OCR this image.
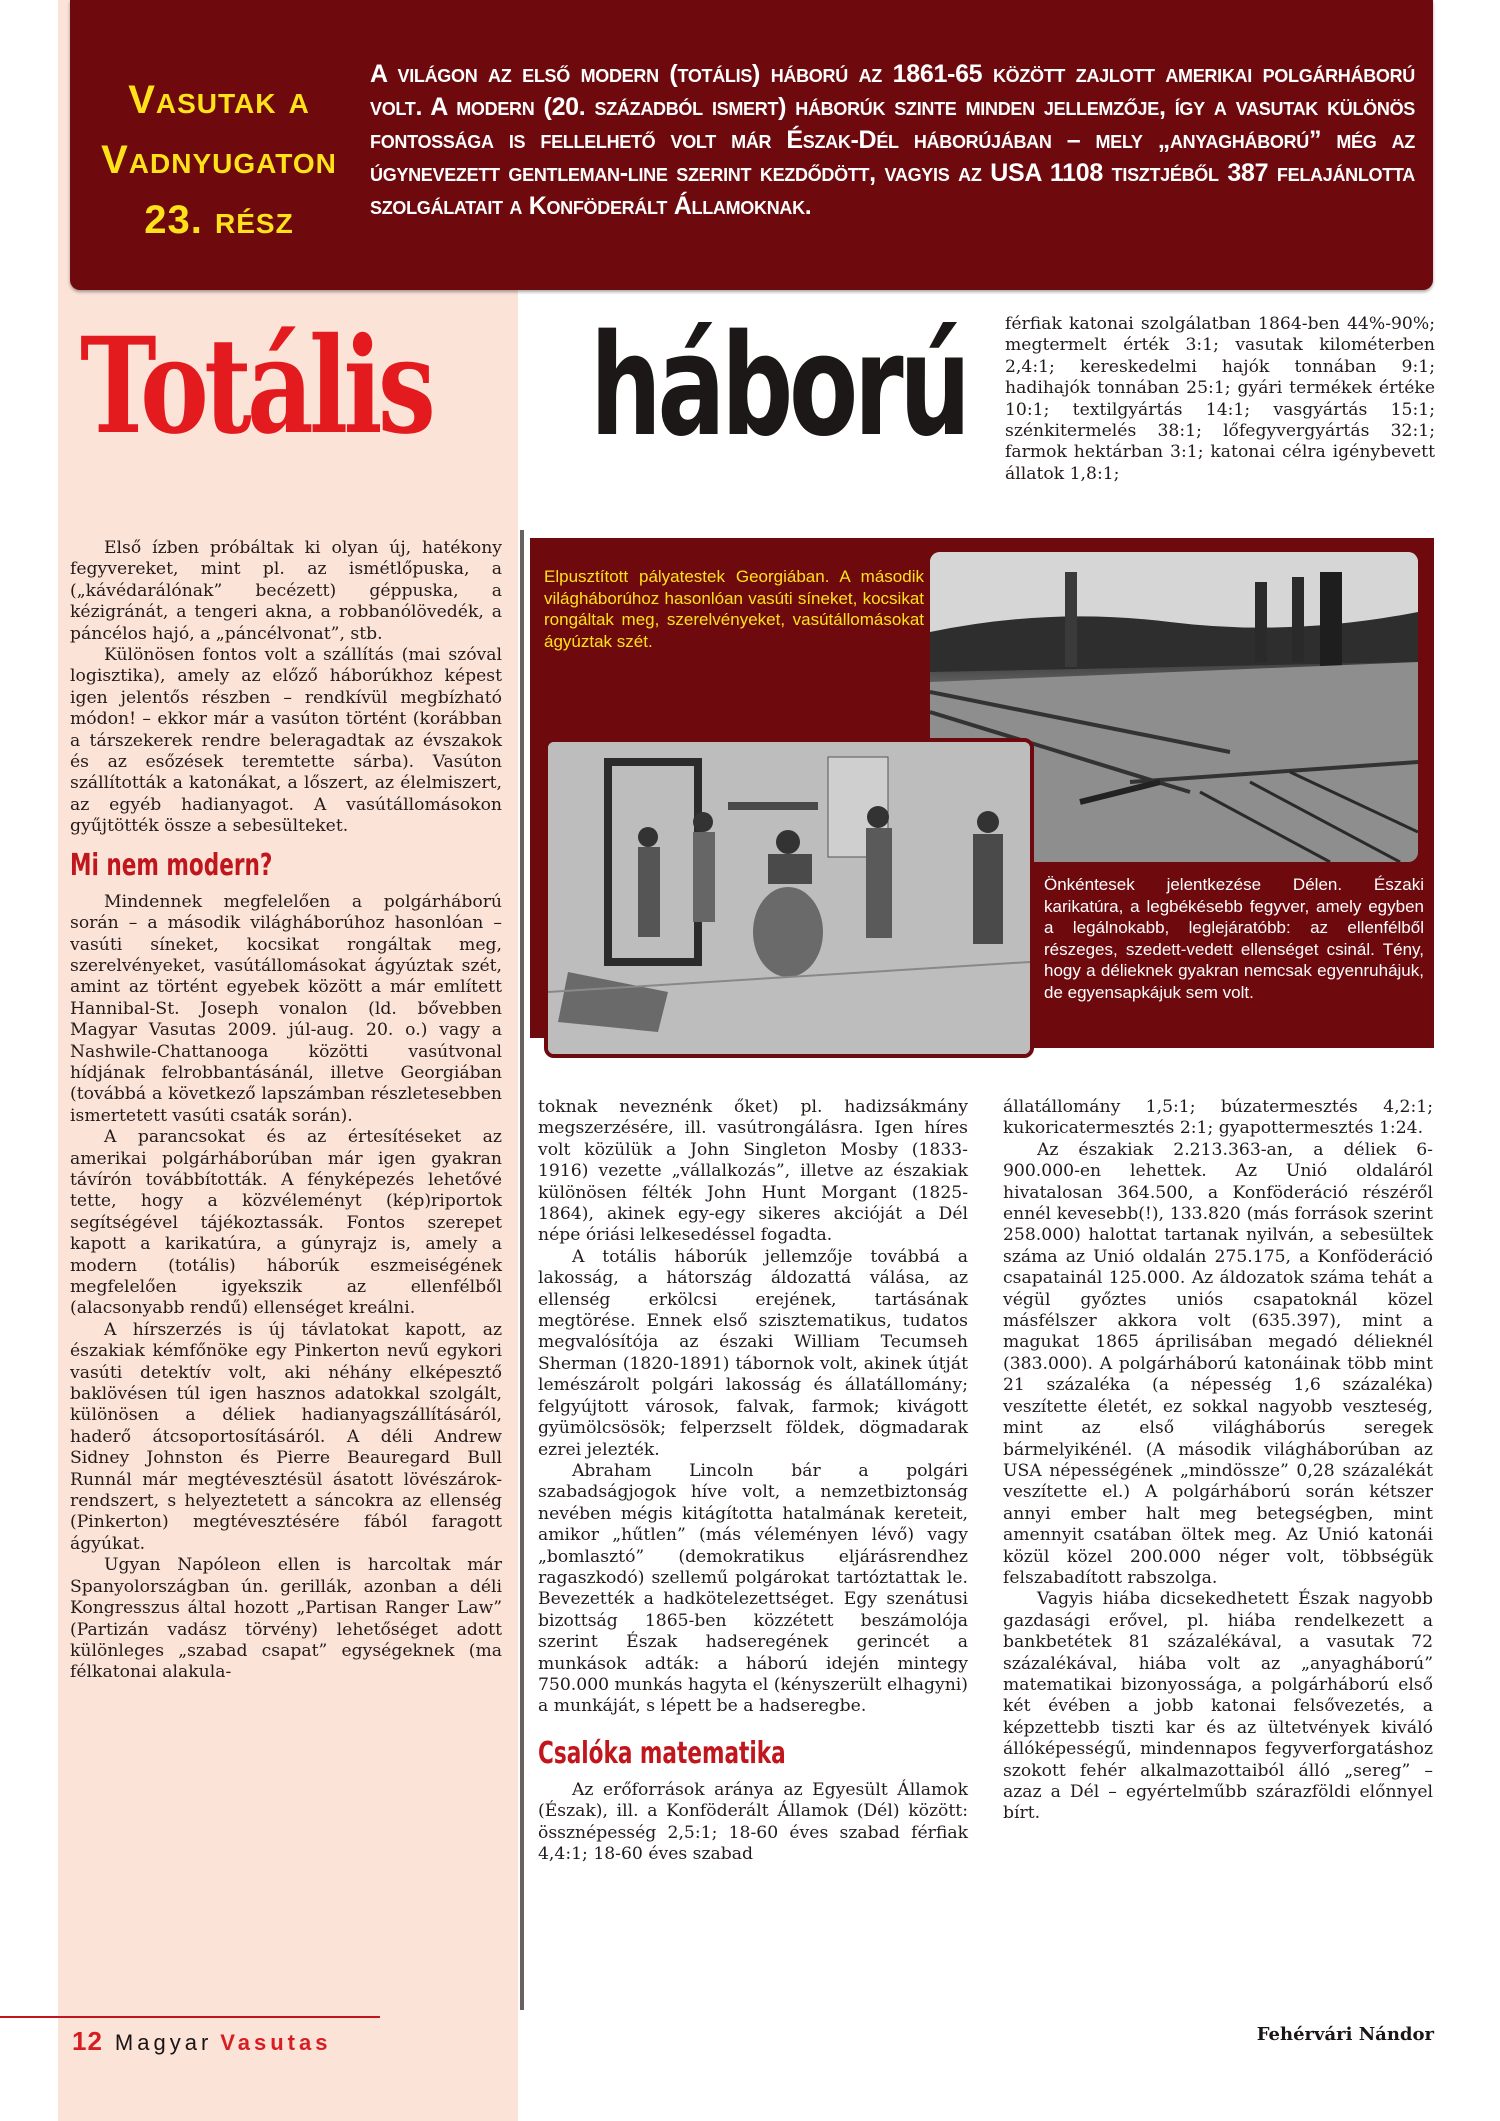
Vasutak a
Vadnyugaton
23. rész
A világon az első modern (totális) háború az 1861-65 között zajlott amerikai polgárháború volt. A modern (20. századból ismert) háborúk szinte minden jellemzője, így a vasutak különös fontossága is fellelhető volt már Észak-Dél háborújában – mely „anyagháború” még az úgynevezett gentleman-line szerint kezdődött, vagyis az USA 1108 tisztjéből 387 felajánlotta szolgálatait a Konföderált Államoknak.
Totális háború férfiak katonai szolgálatban 1864-ben 44%-90%; megtermelt érték 3:1; vasutak kilométerben 2,4:1; kereskedelmi hajók tonnában 9:1; hadihajók tonnában 25:1; gyári termékek értéke 10:1; textilgyártás 14:1; vasgyártás 15:1; szénkitermelés 38:1; lőfegyvergyártás 32:1; farmok hektárban 3:1; katonai célra igénybevett állatok 1,8:1;

Első ízben próbáltak ki olyan új, hatékony fegyvereket, mint pl. az ismétlőpuska, a („kávédarálónak” becézett) géppuska, a kézigránát, a tengeri akna, a robbanólövedék, a páncélos hajó, a „páncélvonat”, stb.

Különösen fontos volt a szállítás (mai szóval logisztika), amely az előző háborúkhoz képest igen jelentős részben – rendkívül megbízható módon! – ekkor már a vasúton történt (korábban a társzekerek rendre beleragadtak az évszakok és az esőzések teremtette sárba). Vasúton szállították a katonákat, a lőszert, az élelmiszert, az egyéb hadianyagot. A vasútállomásokon gyűjtötték össze a sebesülteket.

Mi nem modern?

Mindennek megfelelően a polgárháború során – a második világháborúhoz hasonlóan – vasúti síneket, kocsikat rongáltak meg, szerelvényeket, vasútállomásokat ágyúztak szét, amint az történt egyebek között a már említett Hannibal-St. Joseph vonalon (ld. bővebben Magyar Vasutas 2009. júl-aug. 20. o.) vagy a Nashwile-Chattanooga közötti vasútvonal hídjának felrobbantásánál, illetve Georgiában (továbbá a következő lapszámban részletesebben ismertetett vasúti csaták során).

A parancsokat és az értesítéseket az amerikai polgárháborúban már igen gyakran távírón továbbították. A fényképezés lehetővé tette, hogy a közvéleményt (kép)riportok segítségével tájékoztassák. Fontos szerepet kapott a karikatúra, a gúnyrajz is, amely a modern (totális) háborúk eszmeiségének megfelelően igyekszik az ellenfélből (alacsonyabb rendű) ellenséget kreálni.

A hírszerzés is új távlatokat kapott, az északiak kémfőnöke egy Pinkerton nevű egykori vasúti detektív volt, aki néhány elképesztő baklövésen túl igen hasznos adatokkal szolgált, különösen a déliek hadianyagszállításáról, haderő átcsoportosításáról. A déli Andrew Sidney Johnston és Pierre Beauregard Bull Runnál már megtévesztésül ásatott lövészárok-rendszert, s helyeztetett a sáncokra az ellenség (Pinkerton) megtévesztésére fából faragott ágyúkat.

Ugyan Napóleon ellen is harcoltak már Spanyolországban ún. gerillák, azonban a déli Kongresszus által hozott „Partisan Ranger Law” (Partizán vadász törvény) lehetőséget adott különleges „szabad csapat” egységeknek (ma félkatonai alakula-

Elpusztított pályatestek Georgiában. A második világháborúhoz hasonlóan vasúti síneket, kocsikat rongáltak meg, szerelvényeket, vasútállomásokat ágyúztak szét.
Önkéntesek jelentkezése Délen. Északi karikatúra, a legbékésebb fegyver, amely egyben a legálnokabb, leglejáratóbb: az ellenfélből részeges, szedett-vedett ellenséget csinál. Tény, hogy a délieknek gyakran nemcsak egyenruhájuk, de egyensapkájuk sem volt.

toknak neveznénk őket) pl. hadizsákmány megszerzésére, ill. vasútrongálásra. Igen híres volt közülük a John Singleton Mosby (1833-1916) vezette „vállalkozás”, illetve az északiak különösen félték John Hunt Morgant (1825-1864), akinek egy-egy sikeres akcióját a Dél népe óriási lelkesedéssel fogadta.

A totális háborúk jellemzője továbbá a lakosság, a hátország áldozattá válása, az ellenség erkölcsi erejének, tartásának megtörése. Ennek első szisztematikus, tudatos megvalósítója az északi William Tecumseh Sherman (1820-1891) tábornok volt, akinek útját lemészárolt polgári lakosság és állatállomány; felgyújtott városok, falvak, farmok; kivágott gyümölcsösök; felperzselt földek, dögmadarak ezrei jelezték.

Abraham Lincoln bár a polgári szabadságjogok híve volt, a nemzetbiztonság nevében mégis kitágította hatalmának kereteit, amikor „hűtlen” (más véleményen lévő) vagy „bomlasztó” (demokratikus eljárásrendhez ragaszkodó) szellemű polgárokat tartóztattak le. Bevezették a hadkötelezettséget. Egy szenátusi bizottság 1865-ben közzétett beszámolója szerint Észak hadseregének gerincét a munkások adták: a háború idején mintegy 750.000 munkás hagyta el (kényszerült elhagyni) a munkáját, s lépett be a hadseregbe.

Csalóka matematika

Az erőforrások aránya az Egyesült Államok (Észak), ill. a Konföderált Államok (Dél) között: össznépesség 2,5:1; 18-60 éves szabad férfiak 4,4:1; 18-60 éves szabad

állatállomány 1,5:1; búzatermesztés 4,2:1; kukoricatermesztés 2:1; gyapottermesztés 1:24.

Az északiak 2.213.363-an, a déliek 6-900.000-en lehettek. Az Unió oldaláról hivatalosan 364.500, a Konföderáció részéről ennél kevesebb(!), 133.820 (más források szerint 258.000) halottat tartanak nyilván, a sebesültek száma az Unió oldalán 275.175, a Konföderáció csapatainál 125.000. Az áldozatok száma tehát a végül győztes uniós csapatoknál közel másfélszer akkora volt (635.397), mint a magukat 1865 áprilisában megadó délieknél (383.000). A polgárháború katonáinak több mint 21 százaléka (a népesség 1,6 százaléka) veszítette életét, ez sokkal nagyobb veszteség, mint az első világháborús seregek bármelyikénél. (A második világháborúban az USA népességének „mindössze” 0,28 százalékát veszítette el.) A polgárháború során kétszer annyi ember halt meg betegségben, mint amennyit csatában öltek meg. Az Unió katonái közül közel 200.000 néger volt, többségük felszabadított rabszolga.

Vagyis hiába dicsekedhetett Észak nagyobb gazdasági erővel, pl. hiába rendelkezett a bankbetétek 81 százalékával, a vasutak 72 százalékával, hiába volt az „anyagháború” matematikai bizonyossága, a polgárháború első két évében a jobb katonai felsővezetés, a képzettebb tiszti kar és az ültetvények kiváló állóképességű, mindennapos fegyverforgatáshoz szokott fehér alkalmazottaiból álló „sereg” – azaz a Dél – egyértelműbb szárazföldi előnnyel bírt.

Fehérvári Nándor
12 Magyar Vasutas
